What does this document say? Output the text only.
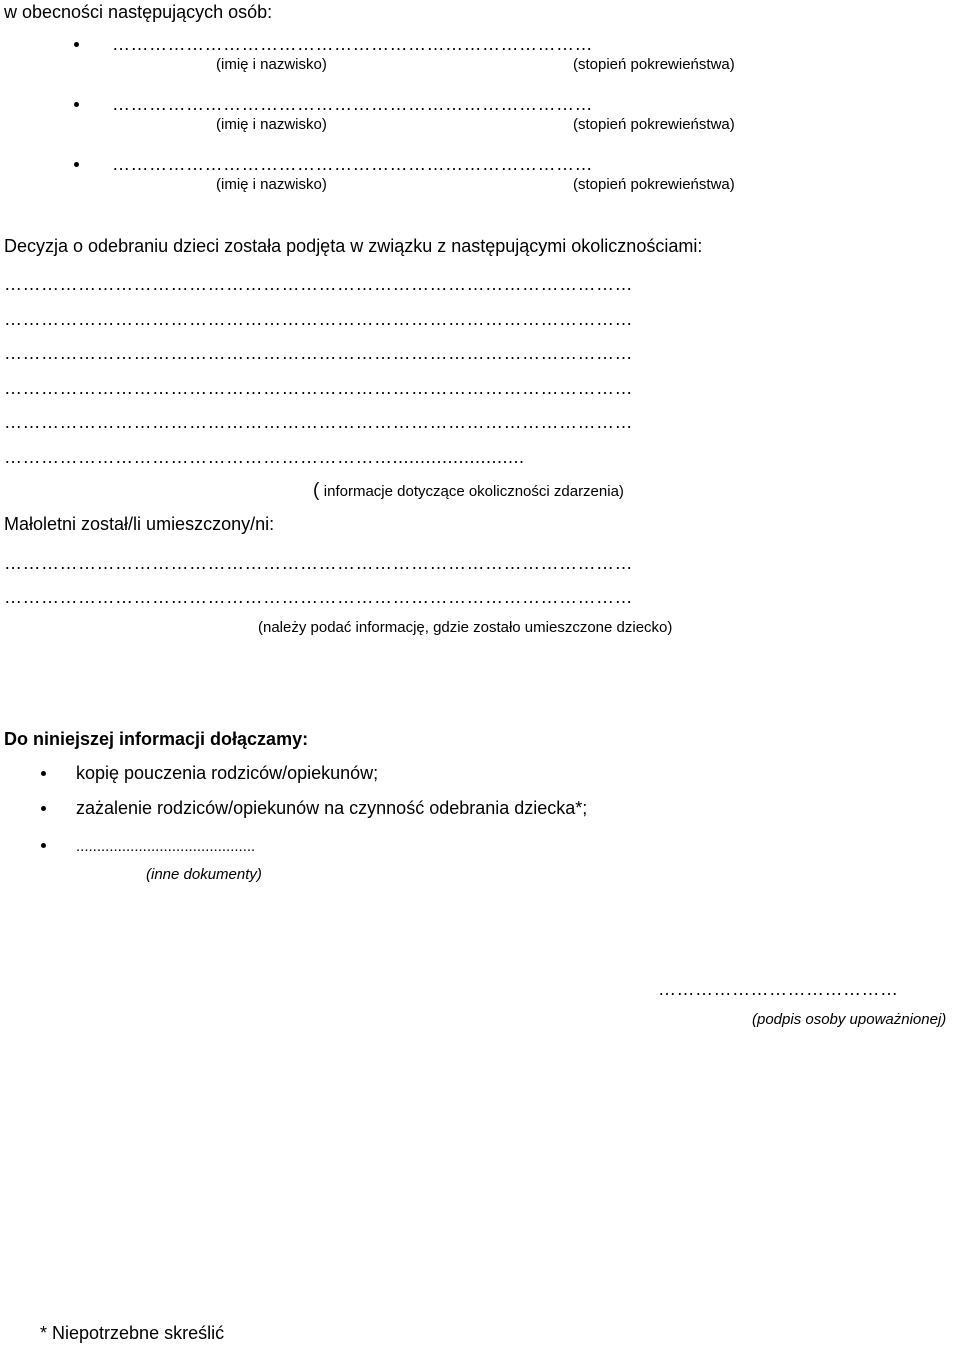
w obecności następujących osób:
……………………………………………………………………
(imię i nazwisko)	(stopień pokrewieństwa)
……………………………………………………………………
(imię i nazwisko)	(stopień pokrewieństwa)
……………………………………………………………………
(imię i nazwisko)	(stopień pokrewieństwa)
Decyzja o odebraniu dzieci została podjęta w związku z następującymi okolicznościami:
…………………………………………………………………………………………
…………………………………………………………………………………………
…………………………………………………………………………………………
…………………………………………………………………………………………
…………………………………………………………………………………………
………………………………………………………........................
( informacje dotyczące okoliczności zdarzenia)
Małoletni został/li umieszczony/ni:
…………………………………………………………………………………………
…………………………………………………………………………………………
(należy podać informację, gdzie zostało umieszczone dziecko)
Do niniejszej informacji dołączamy:
kopię pouczenia rodziców/opiekunów;
zażalenie rodziców/opiekunów na czynność odebrania dziecka*;
...........................................
(inne dokumenty)
…………………………………
(podpis osoby upoważnionej)
* Niepotrzebne skreślić
